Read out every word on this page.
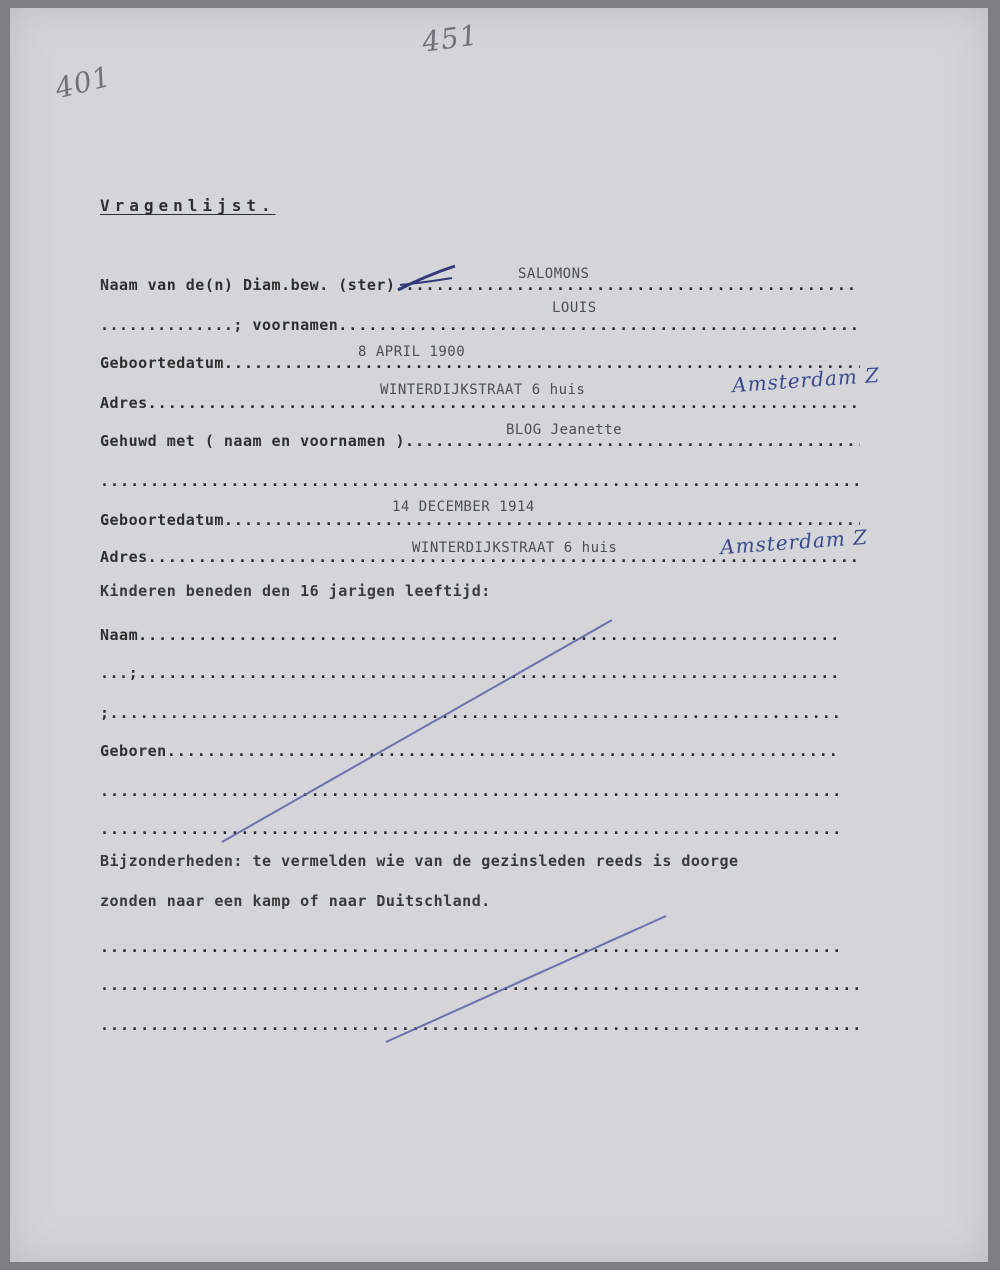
451
401
Vragenlijst.
Naam van de(n) Diam.bew. (ster)
.....
SALOMONS
..............; voornamen
.....
LOUIS
Geboortedatum
.....
8 APRIL 1900
Adres
.....
WINTERDIJKSTRAAT 6 huis	Amsterdam Z
Gehuwd met ( naam en voornamen )
.....
BLOG Jeanette
.....
Geboortedatum
.....
14 DECEMBER 1914
Adres
.....	WINTERDIJKSTRAAT 6 huis	Amsterdam Z
Kinderen beneden den 16 jarigen leeftijd:
Naam
.....
...;
.....
;
.....
Geboren
.....
.....
.....
Bijzonderheden: te vermelden wie van de gezinsleden reeds is doorge
zonden naar een kamp of naar Duitschland.
.....
.....
.....
